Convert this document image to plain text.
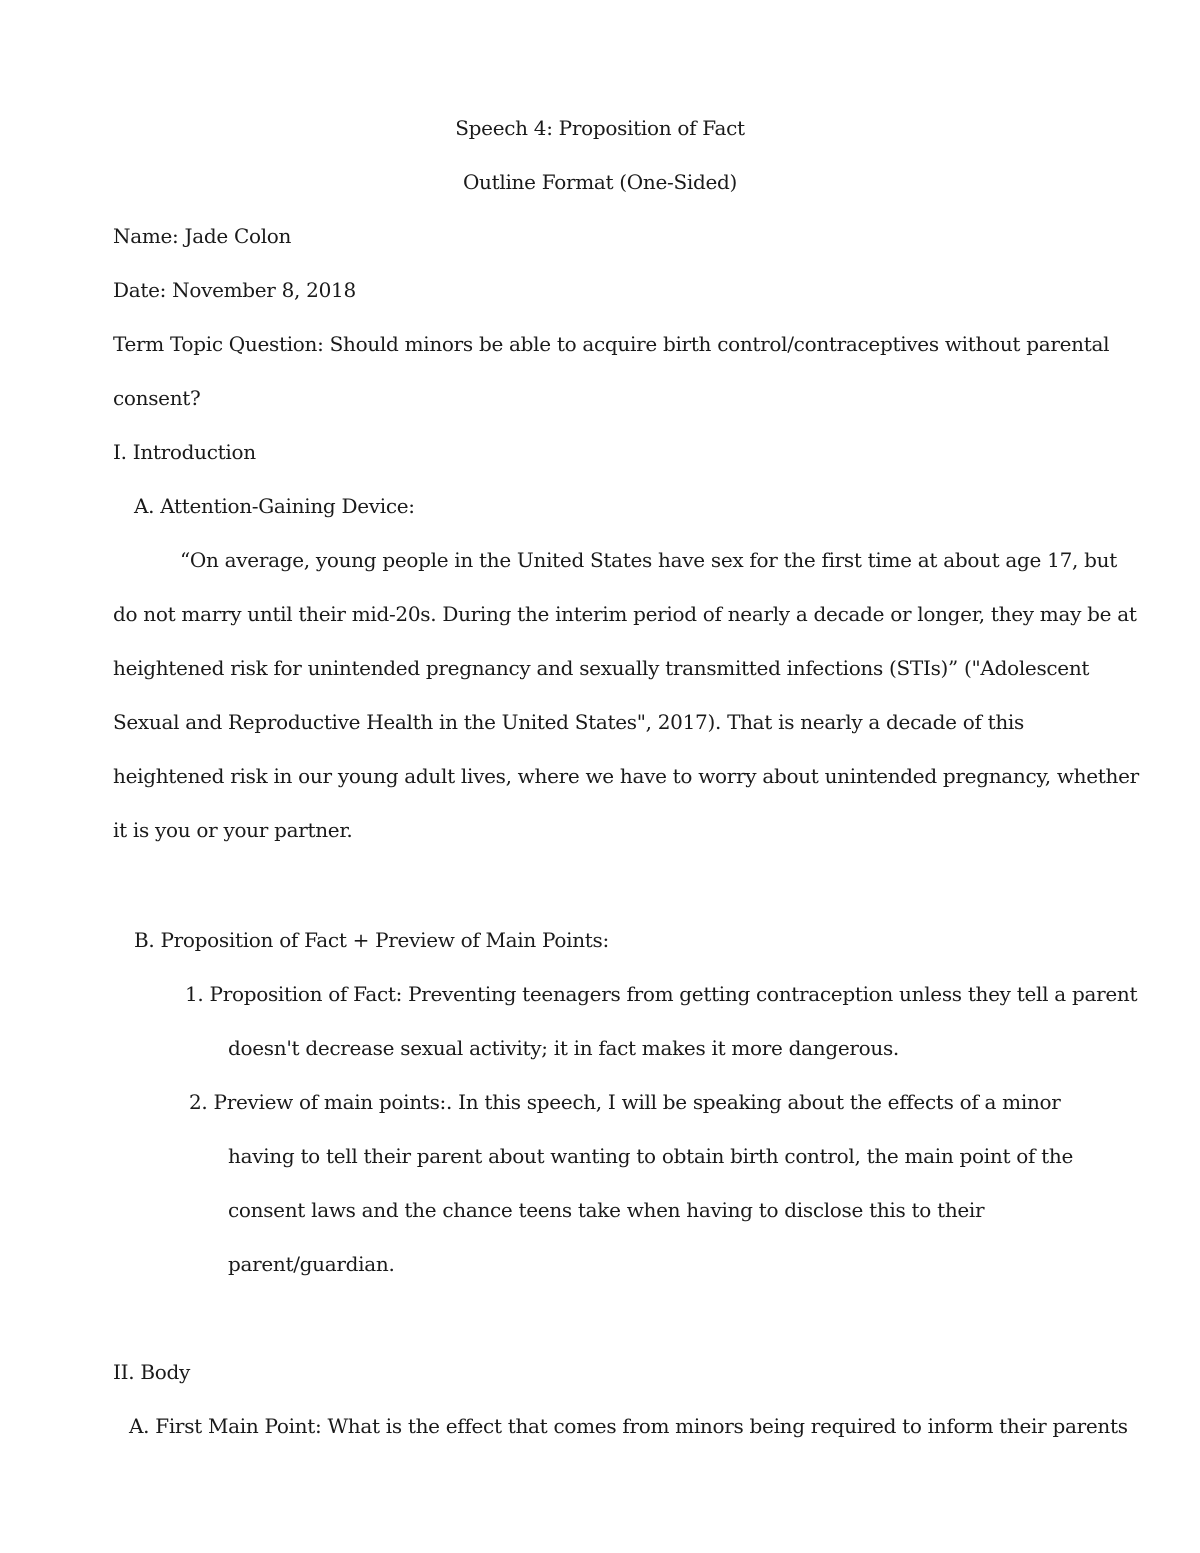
Speech 4: Proposition of Fact
Outline Format (One-Sided)
Name: Jade Colon
Date: November 8, 2018
Term Topic Question: Should minors be able to acquire birth control/contraceptives without parental
consent?
I. Introduction
A. Attention-Gaining Device:
“On average, young people in the United States have sex for the first time at about age 17, but
do not marry until their mid-20s. During the interim period of nearly a decade or longer, they may be at
heightened risk for unintended pregnancy and sexually transmitted infections (STIs)” ("Adolescent
Sexual and Reproductive Health in the United States", 2017). That is nearly a decade of this
heightened risk in our young adult lives, where we have to worry about unintended pregnancy, whether
it is you or your partner.
B. Proposition of Fact + Preview of Main Points:
1. Proposition of Fact: Preventing teenagers from getting contraception unless they tell a parent
doesn't decrease sexual activity; it in fact makes it more dangerous.
2. Preview of main points:. In this speech, I will be speaking about the effects of a minor
having to tell their parent about wanting to obtain birth control, the main point of the
consent laws and the chance teens take when having to disclose this to their
parent/guardian.
II. Body
A. First Main Point: What is the effect that comes from minors being required to inform their parents
